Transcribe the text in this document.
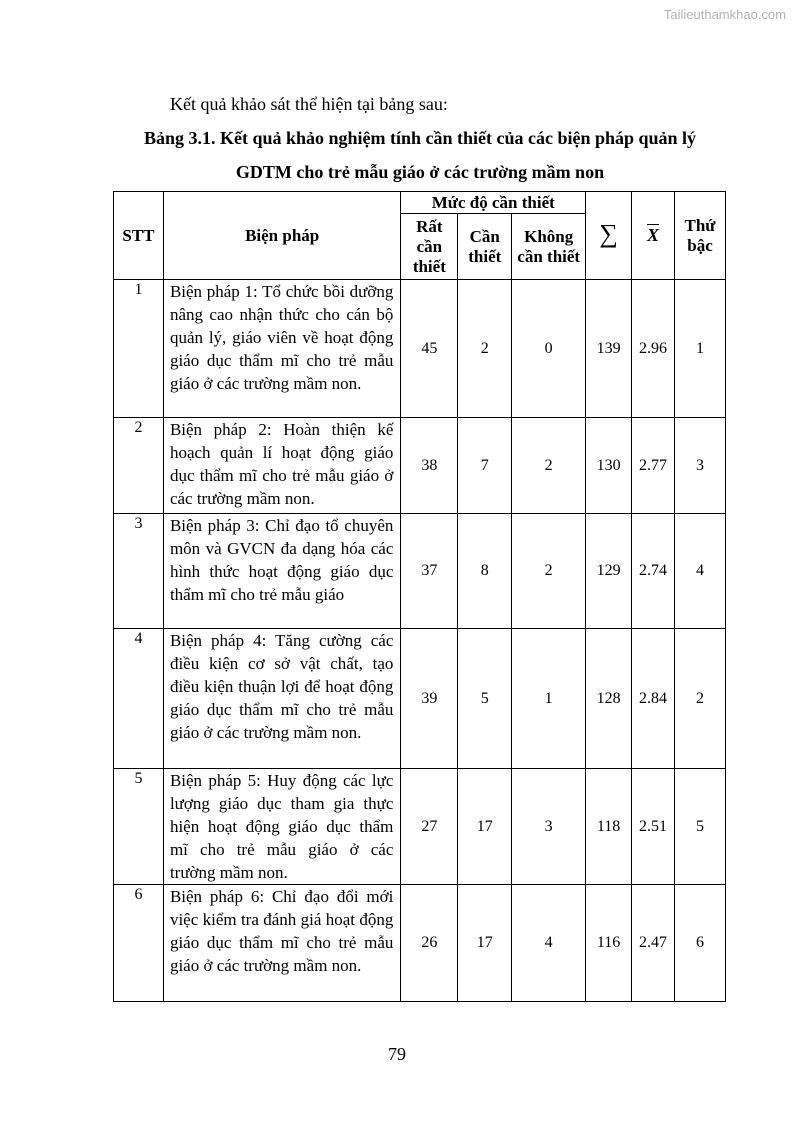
Tailieuthamkhao.com
Kết quả khảo sát thể hiện tại bảng sau:
Bảng 3.1. Kết quả khảo nghiệm tính cần thiết của các biện pháp quản lý
GDTM cho trẻ mẫu giáo ở các trường mầm non
STT	Biện pháp	Mức độ cần thiết			∑	$\overline{X}$	Thứ bậc
		Rất cần thiết	Cần thiết	Không cần thiết			
1	Biện pháp 1: Tổ chức bồi dưỡng nâng cao nhận thức cho cán bộ quản lý, giáo viên về hoạt động giáo dục thẩm mĩ cho trẻ mẫu giáo ở các trường mầm non.	45	2	0	139	2.96	1
2	Biện pháp 2: Hoàn thiện kế hoạch quản lí hoạt động giáo dục thẩm mĩ cho trẻ mẫu giáo ở các trường mầm non.	38	7	2	130	2.77	3
3	Biện pháp 3: Chỉ đạo tổ chuyên môn và GVCN đa dạng hóa các hình thức hoạt động giáo dục thẩm mĩ cho trẻ mẫu giáo	37	8	2	129	2.74	4
4	Biện pháp 4: Tăng cường các điều kiện cơ sở vật chất, tạo điều kiện thuận lợi để hoạt động giáo dục thẩm mĩ cho trẻ mẫu giáo ở các trường mầm non.	39	5	1	128	2.84	2
5	Biện pháp 5: Huy động các lực lượng giáo dục tham gia thực hiện hoạt động giáo dục thẩm mĩ cho trẻ mẫu giáo ở các trường mầm non.	27	17	3	118	2.51	5
6	Biện pháp 6: Chỉ đạo đổi mới việc kiểm tra đánh giá hoạt động giáo dục thẩm mĩ cho trẻ mẫu giáo ở các trường mầm non.	26	17	4	116	2.47	6
79
